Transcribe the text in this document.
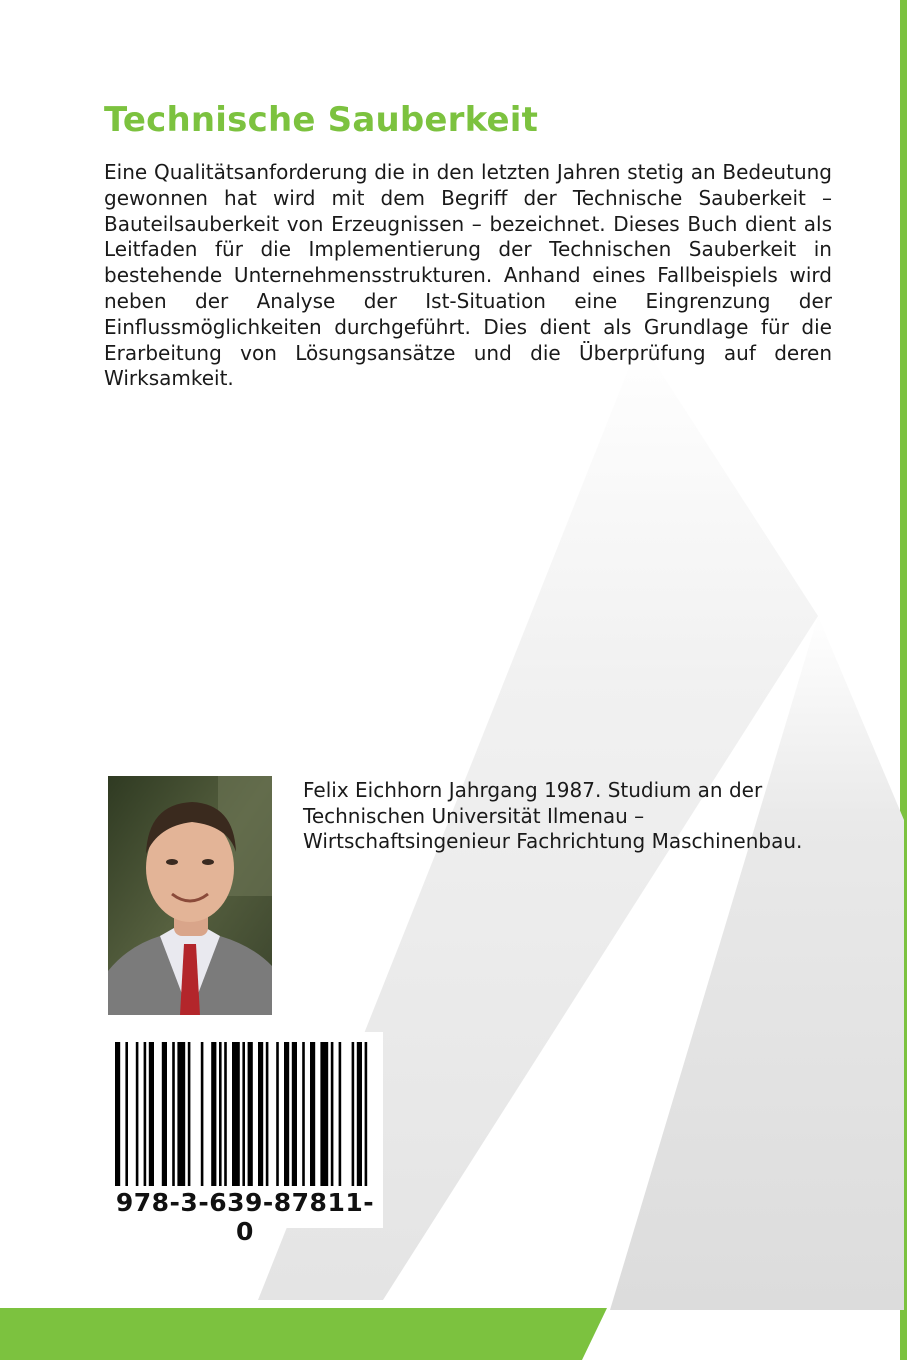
Technische Sauberkeit

Eine Qualitätsanforderung die in den letzten Jahren stetig an Bedeutung gewonnen hat wird mit dem Begriff der Technische Sauberkeit – Bauteilsauberkeit von Erzeugnissen – bezeichnet. Dieses Buch dient als Leitfaden für die Implementierung der Technischen Sauberkeit in bestehende Unternehmensstrukturen. Anhand eines Fallbeispiels wird neben der Analyse der Ist-Situation eine Eingrenzung der Einflussmöglichkeiten durchgeführt. Dies dient als Grundlage für die Erarbeitung von Lösungsansätze und die Überprüfung auf deren Wirksamkeit.

Felix Eichhorn Jahrgang 1987. Studium an der Technischen Universität Ilmenau – Wirtschaftsingenieur Fachrichtung Maschinenbau.

978-3-639-87811-0
